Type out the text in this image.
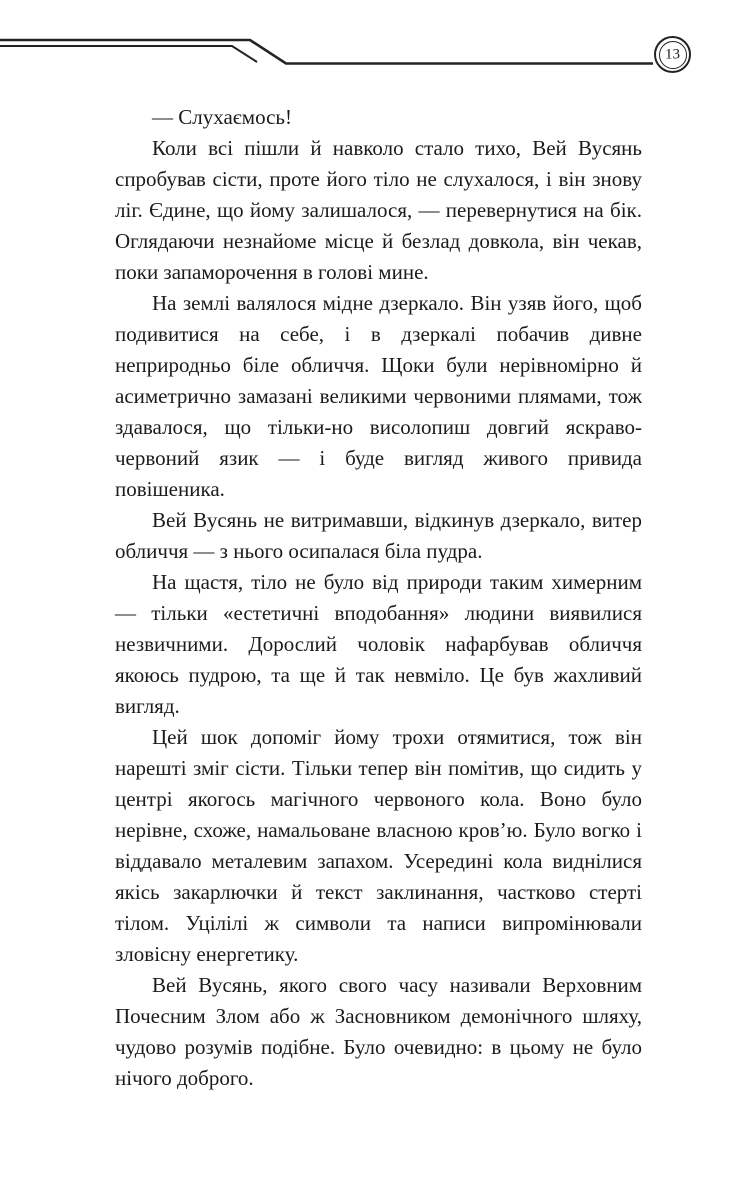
13

— Слухаємось!

Коли всі пішли й навколо стало тихо, Вей Вусянь спробував сісти, проте його тіло не слухалося, і він знову ліг. Єдине, що йому залишалося, — перевернутися на бік. Оглядаючи незнайоме місце й безлад довкола, він чекав, поки запаморочення в голові мине.

На землі валялося мідне дзеркало. Він узяв його, щоб подивитися на себе, і в дзеркалі побачив дивне неприродньо біле обличчя. Щоки були нерівномірно й асиметрично замазані великими червоними плямами, тож здавалося, що тільки-но висолопиш довгий яскраво-червоний язик — і буде вигляд живого привида повішеника.

Вей Вусянь не витримавши, відкинув дзеркало, витер обличчя — з нього осипалася біла пудра.

На щастя, тіло не було від природи таким химерним — тільки «естетичні вподобання» людини виявилися незвичними. Дорослий чоловік нафарбував обличчя якоюсь пудрою, та ще й так невміло. Це був жахливий вигляд.

Цей шок допоміг йому трохи отямитися, тож він нарешті зміг сісти. Тільки тепер він помітив, що сидить у центрі якогось магічного червоного кола. Воно було нерівне, схоже, намальоване власною кров’ю. Було вогко і віддавало металевим запахом. Усередині кола виднілися якісь закарлючки й текст заклинання, частково стерті тілом. Уцілілі ж символи та написи випромінювали зловісну енергетику.

Вей Вусянь, якого свого часу називали Верховним Почесним Злом або ж Засновником демонічного шляху, чудово розумів подібне. Було очевидно: в цьому не було нічого доброго.
